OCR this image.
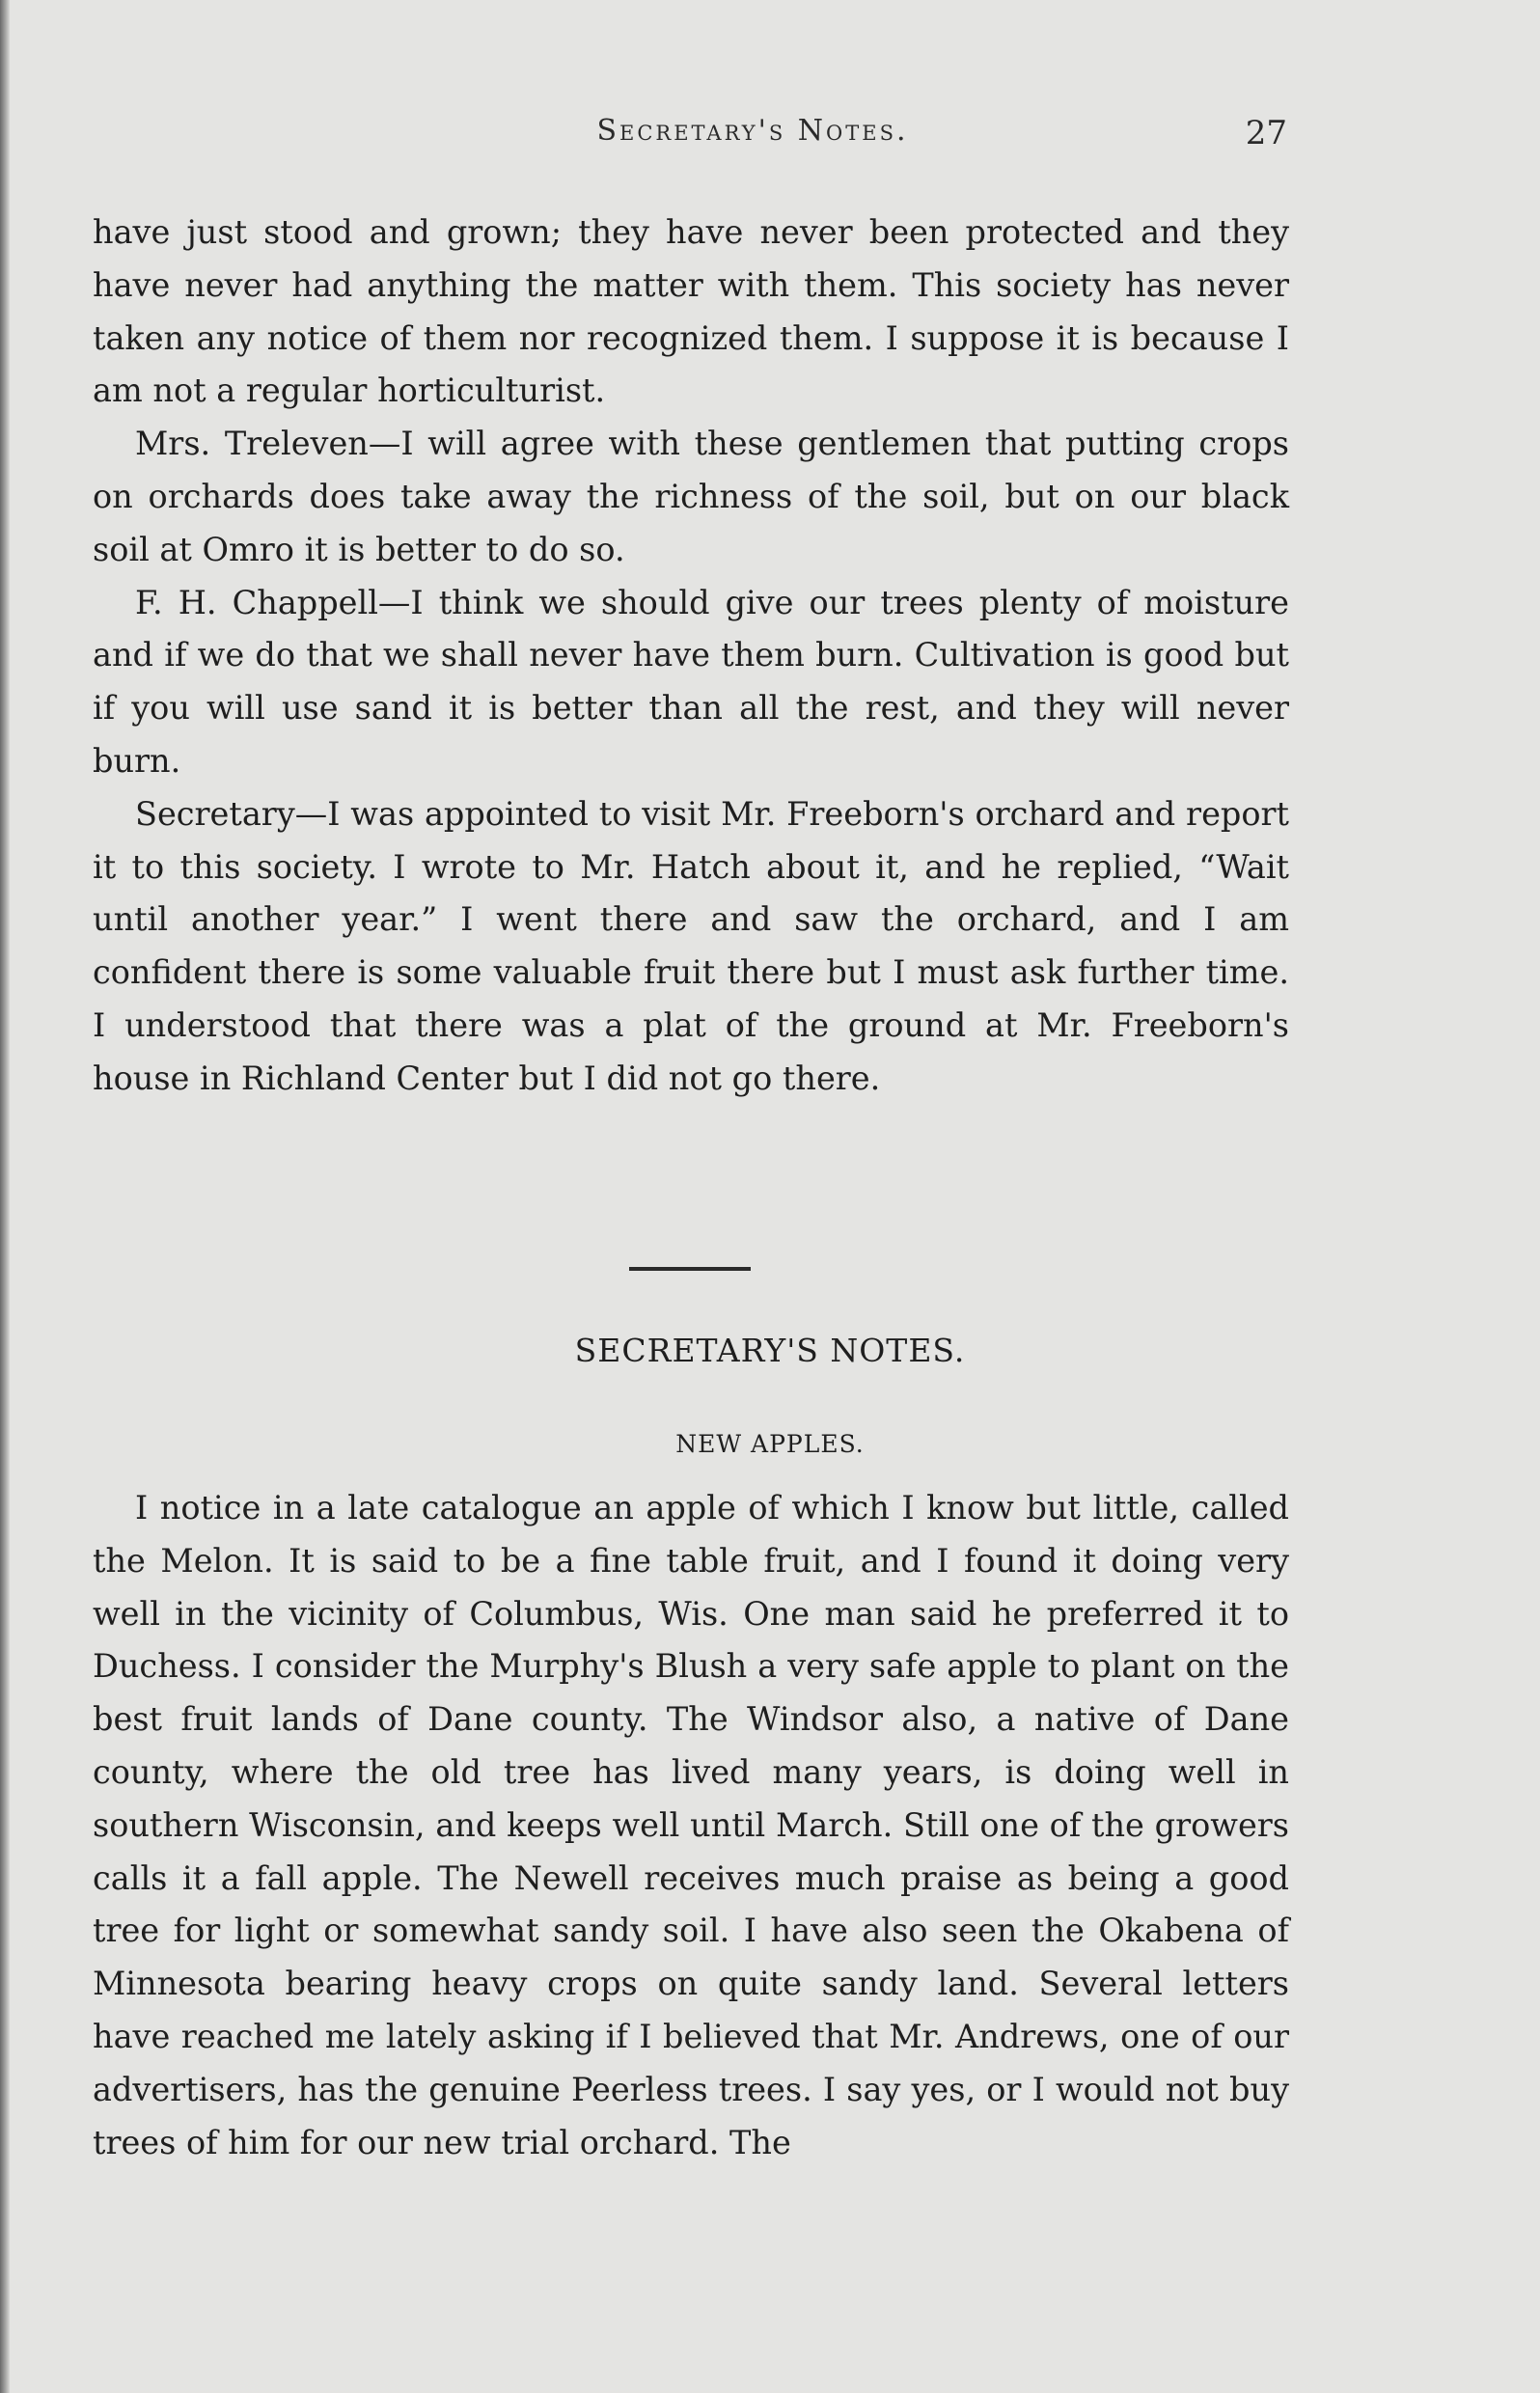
Secretary's Notes.	27

have just stood and grown; they have never been protected and they have never had anything the matter with them. This society has never taken any notice of them nor recognized them. I suppose it is because I am not a regular horticulturist.

Mrs. Treleven—I will agree with these gentlemen that putting crops on orchards does take away the richness of the soil, but on our black soil at Omro it is better to do so.

F. H. Chappell—I think we should give our trees plenty of moisture and if we do that we shall never have them burn. Cultivation is good but if you will use sand it is better than all the rest, and they will never burn.

Secretary—I was appointed to visit Mr. Freeborn's orchard and report it to this society. I wrote to Mr. Hatch about it, and he replied, “Wait until another year.” I went there and saw the orchard, and I am confident there is some valuable fruit there but I must ask further time. I understood that there was a plat of the ground at Mr. Freeborn's house in Richland Center but I did not go there.

SECRETARY'S NOTES.
NEW APPLES.

I notice in a late catalogue an apple of which I know but little, called the Melon. It is said to be a fine table fruit, and I found it doing very well in the vicinity of Columbus, Wis. One man said he preferred it to Duchess. I consider the Murphy's Blush a very safe apple to plant on the best fruit lands of Dane county. The Windsor also, a native of Dane county, where the old tree has lived many years, is doing well in southern Wisconsin, and keeps well until March. Still one of the growers calls it a fall apple. The Newell receives much praise as being a good tree for light or somewhat sandy soil. I have also seen the Okabena of Minnesota bearing heavy crops on quite sandy land. Several letters have reached me lately asking if I believed that Mr. Andrews, one of our advertisers, has the genuine Peerless trees. I say yes, or I would not buy trees of him for our new trial orchard. The
